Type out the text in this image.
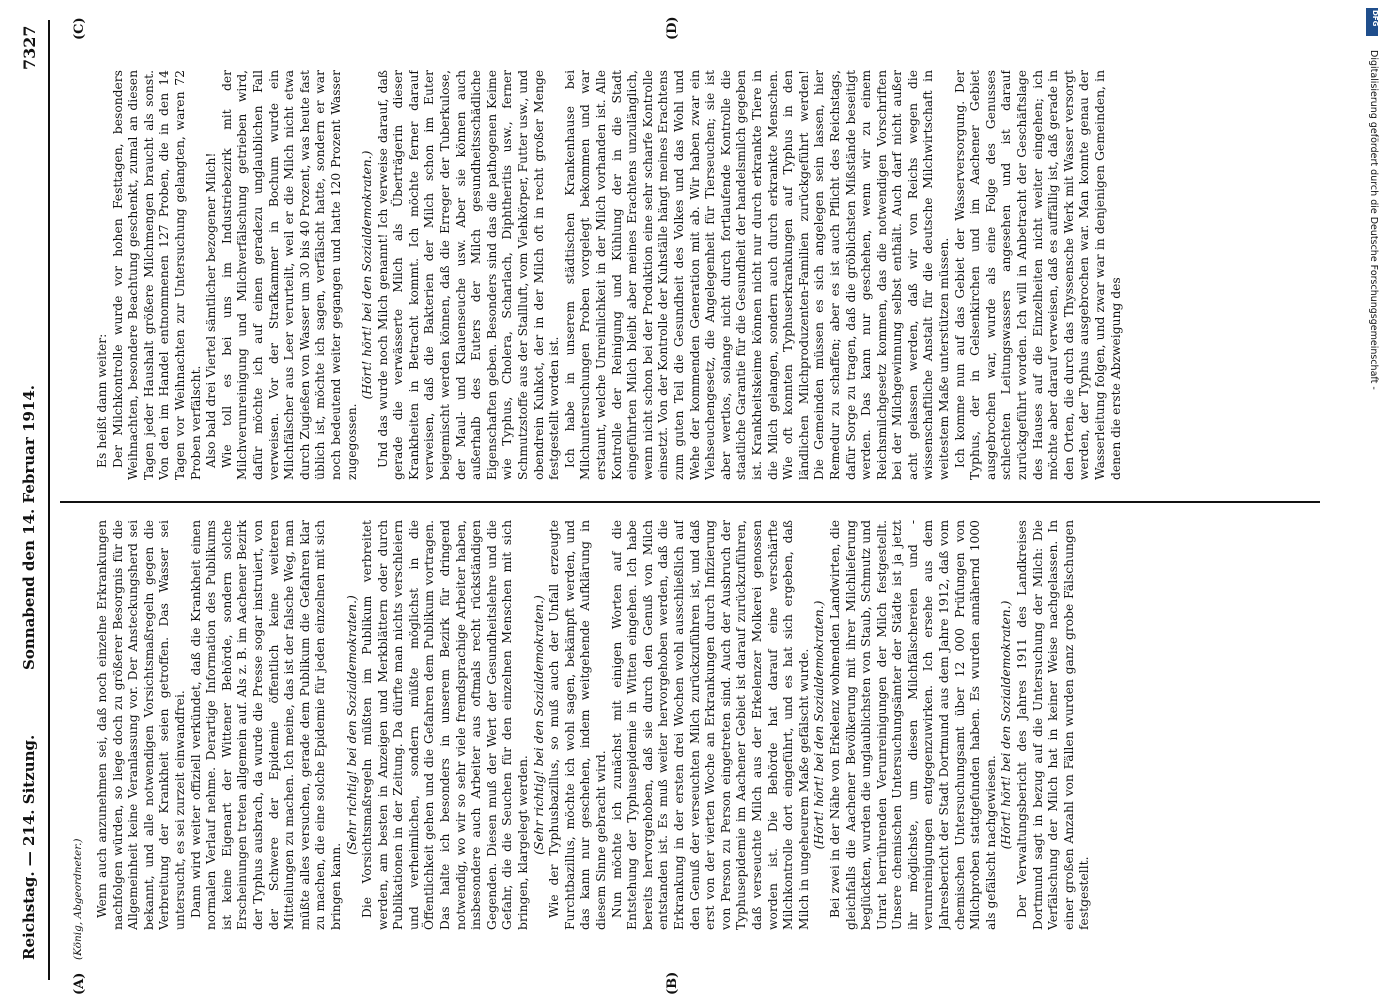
Reichstag. — 214. Sitzung.
Sonnabend den 14. Februar 1914.
7327
(König, Abgeordneter.)
(A)	(B)
(C)	(D)

Wenn auch anzunehmen sei, daß noch einzelne Erkrankungen nachfolgen würden, so liege doch zu größerer Besorgnis für die Allgemeinheit keine Veranlassung vor. Der Ansteckungsherd sei bekannt, und alle notwendigen Vorsichtsmaßregeln gegen die Verbreitung der Krankheit seien getroffen. Das Wasser sei untersucht, es sei zurzeit einwandfrei. Dann wird weiter offiziell verkündet, daß die Krankheit einen normalen Verlauf nehme. Derartige Information des Publikums ist keine Eigenart der Wittener Behörde, sondern solche Erscheinungen treten allgemein auf. Als z. B. im Aachener Bezirk der Typhus ausbrach, da wurde die Presse sogar instruiert, von der Schwere der Epidemie öffentlich keine weiteren Mitteilungen zu machen. Ich meine, das ist der falsche Weg, man müßte alles versuchen, gerade dem Publikum die Gefahren klar zu machen, die eine solche Epidemie für jeden einzelnen mit sich bringen kann.

(Sehr richtig! bei den Sozialdemokraten.) Die Vorsichtsmaßregeln müßten im Publikum verbreitet werden, am besten in Anzeigen und Merkblättern oder durch Publikationen in der Zeitung. Da dürfte man nichts verschleiern und verheimlichen, sondern müßte möglichst in die Öffentlichkeit gehen und die Gefahren dem Publikum vortragen. Das halte ich besonders in unserem Bezirk für dringend notwendig, wo wir so sehr viele fremdsprachige Arbeiter haben, insbesondere auch Arbeiter aus oftmals recht rückständigen Gegenden. Diesen muß der Wert der Gesundheitslehre und die Gefahr, die die Seuchen für den einzelnen Menschen mit sich bringen, klargelegt werden. (Sehr richtig! bei den Sozialdemokraten.) Wie der Typhusbazillus, so muß auch der Unfall erzeugte Furchtbazillus, möchte ich wohl sagen, bekämpft werden, und das kann nur geschehen, indem weitgehende Aufklärung in diesem Sinne gebracht wird. Nun möchte ich zunächst mit einigen Worten auf die Entstehung der Typhusepidemie in Witten eingehen. Ich habe bereits hervorgehoben, daß sie durch den Genuß von Milch entstanden ist. Es muß weiter hervorgehoben werden, daß die Erkrankung in der ersten drei Wochen wohl ausschließlich auf den Genuß der verseuchten Milch zurückzuführen ist, und daß erst von der vierten Woche an Erkrankungen durch Infizierung von Person zu Person eingetreten sind. Auch der Ausbruch der Typhusepidemie im Aachener Gebiet ist darauf zurückzuführen, daß verseuchte Milch aus der Erkelenzer Molkerei genossen worden ist. Die Behörde hat darauf eine verschärfte Milchkontrolle dort eingeführt, und es hat sich ergeben, daß Milch in ungeheurem Maße gefälscht wurde. (Hört! hört! bei den Sozialdemokraten.) Bei zwei in der Nähe von Erkelenz wohnenden Landwirten, die gleichfalls die Aachener Bevölkerung mit ihrer Milchlieferung beglückten, wurden die unglaublichsten von Staub, Schmutz und Unrat herrührenden Verunreinigungen der Milch festgestellt. Unsere chemischen Untersuchungsämter der Städte ist ja jetzt ihr möglichste, um diesen Milchfälschereien und -verunreinigungen entgegenzuwirken. Ich ersehe aus dem Jahresbericht der Stadt Dortmund aus dem Jahre 1912, daß vom chemischen Untersuchungsamt über 12 000 Prüfungen von Milchproben stattgefunden haben. Es wurden annähernd 1000 als gefälscht nachgewiesen. (Hört! hört! bei den Sozialdemokraten.) Der Verwaltungsbericht des Jahres 1911 des Landkreises Dortmund sagt in bezug auf die Untersuchung der Milch: Die Verfälschung der Milch hat in keiner Weise nachgelassen. In einer großen Anzahl von Fällen wurden ganz grobe Fälschungen festgestellt.

Es heißt dann weiter: Der Milchkontrolle wurde vor hohen Festtagen, besonders Weihnachten, besondere Beachtung geschenkt, zumal an diesen Tagen jeder Haushalt größere Milchmengen braucht als sonst. Von den im Handel entnommenen 127 Proben, die in den 14 Tagen vor Weihnachten zur Untersuchung gelangten, waren 72 Proben verfälscht. Also bald drei Viertel sämtlicher bezogener Milch! Wie toll es bei uns im Industriebezirk mit der Milchverunreinigung und Milchverfälschung getrieben wird, dafür möchte ich auf einen geradezu unglaublichen Fall verweisen. Vor der Strafkammer in Bochum wurde ein Milchfälscher aus Leer verurteilt, weil er die Milch nicht etwa durch Zugießen von Wasser um 30 bis 40 Prozent, was heute fast üblich ist, möchte ich sagen, verfälscht hatte, sondern er war noch bedeutend weiter gegangen und hatte 120 Prozent Wasser zugegossen.

(Hört! hört! bei den Sozialdemokraten.) Und das wurde noch Milch genannt! Ich verweise darauf, daß gerade die verwässerte Milch als Überträgerin dieser Krankheiten in Betracht kommt. Ich möchte ferner darauf verweisen, daß die Bakterien der Milch schon im Euter beigemischt werden können, daß die Erreger der Tuberkulose, der Maul- und Klauenseuche usw. Aber sie können auch außerhalb des Euters der Milch gesundheitsschädliche Eigenschaften geben. Besonders sind das die pathogenen Keime wie Typhus, Cholera, Scharlach, Diphtheritis usw., ferner Schmutzstoffe aus der Stallluft, vom Viehkörper, Futter usw., und obendrein Kuhkot, der in der Milch oft in recht großer Menge festgestellt worden ist. Ich habe in unserem städtischen Krankenhause bei Milchuntersuchungen Proben vorgelegt bekommen und war erstaunt, welche Unreinlichkeit in der Milch vorhanden ist. Alle Kontrolle der Reinigung und Kühlung der in die Stadt eingeführten Milch bleibt aber meines Erachtens unzulänglich, wenn nicht schon bei der Produktion eine sehr scharfe Kontrolle einsetzt. Von der Kontrolle der Kuhställe hängt meines Erachtens zum guten Teil die Gesundheit des Volkes und das Wohl und Wehe der kommenden Generation mit ab. Wir haben zwar ein Viehseuchengesetz, die Angelegenheit für Tierseuchen; sie ist aber wertlos, solange nicht durch fortlaufende Kontrolle die staatliche Garantie für die Gesundheit der handelsmilch gegeben ist. Krankheitskeime können nicht nur durch erkrankte Tiere in die Milch gelangen, sondern auch durch erkrankte Menschen. Wie oft konnten Typhuserkrankungen auf Typhus in den ländlichen Milchproduzenten-Familien zurückgeführt werden! Die Gemeinden müssen es sich angelegen sein lassen, hier Remedur zu schaffen; aber es ist auch Pflicht des Reichstags, dafür Sorge zu tragen, daß die gröblichsten Mißstände beseitigt werden. Das kann nur geschehen, wenn wir zu einem Reichsmilchgesetz kommen, das die notwendigen Vorschriften bei der Milchgewinnung selbst enthält. Auch darf nicht außer acht gelassen werden, daß wir von Reichs wegen die wissenschaftliche Anstalt für die deutsche Milchwirtschaft in weitestem Maße unterstützen müssen. Ich komme nun auf das Gebiet der Wasserversorgung. Der Typhus, der in Gelsenkirchen und im Aachener Gebiet ausgebrochen war, wurde als eine Folge des Genusses schlechten Leitungswassers angesehen und ist darauf zurückgeführt worden. Ich will in Anbetracht der Geschäftslage des Hauses auf die Einzelheiten nicht weiter eingehen; ich möchte aber darauf verweisen, daß es auffällig ist, daß gerade in den Orten, die durch das Thyssensche Werk mit Wasser versorgt werden, der Typhus ausgebrochen war. Man konnte genau der Wasserleitung folgen, und zwar war in denjenigen Gemeinden, in denen die erste Abzweigung des

DFG
Digitalisierung gefördert durch die Deutsche Forschungsgemeinschaft -
